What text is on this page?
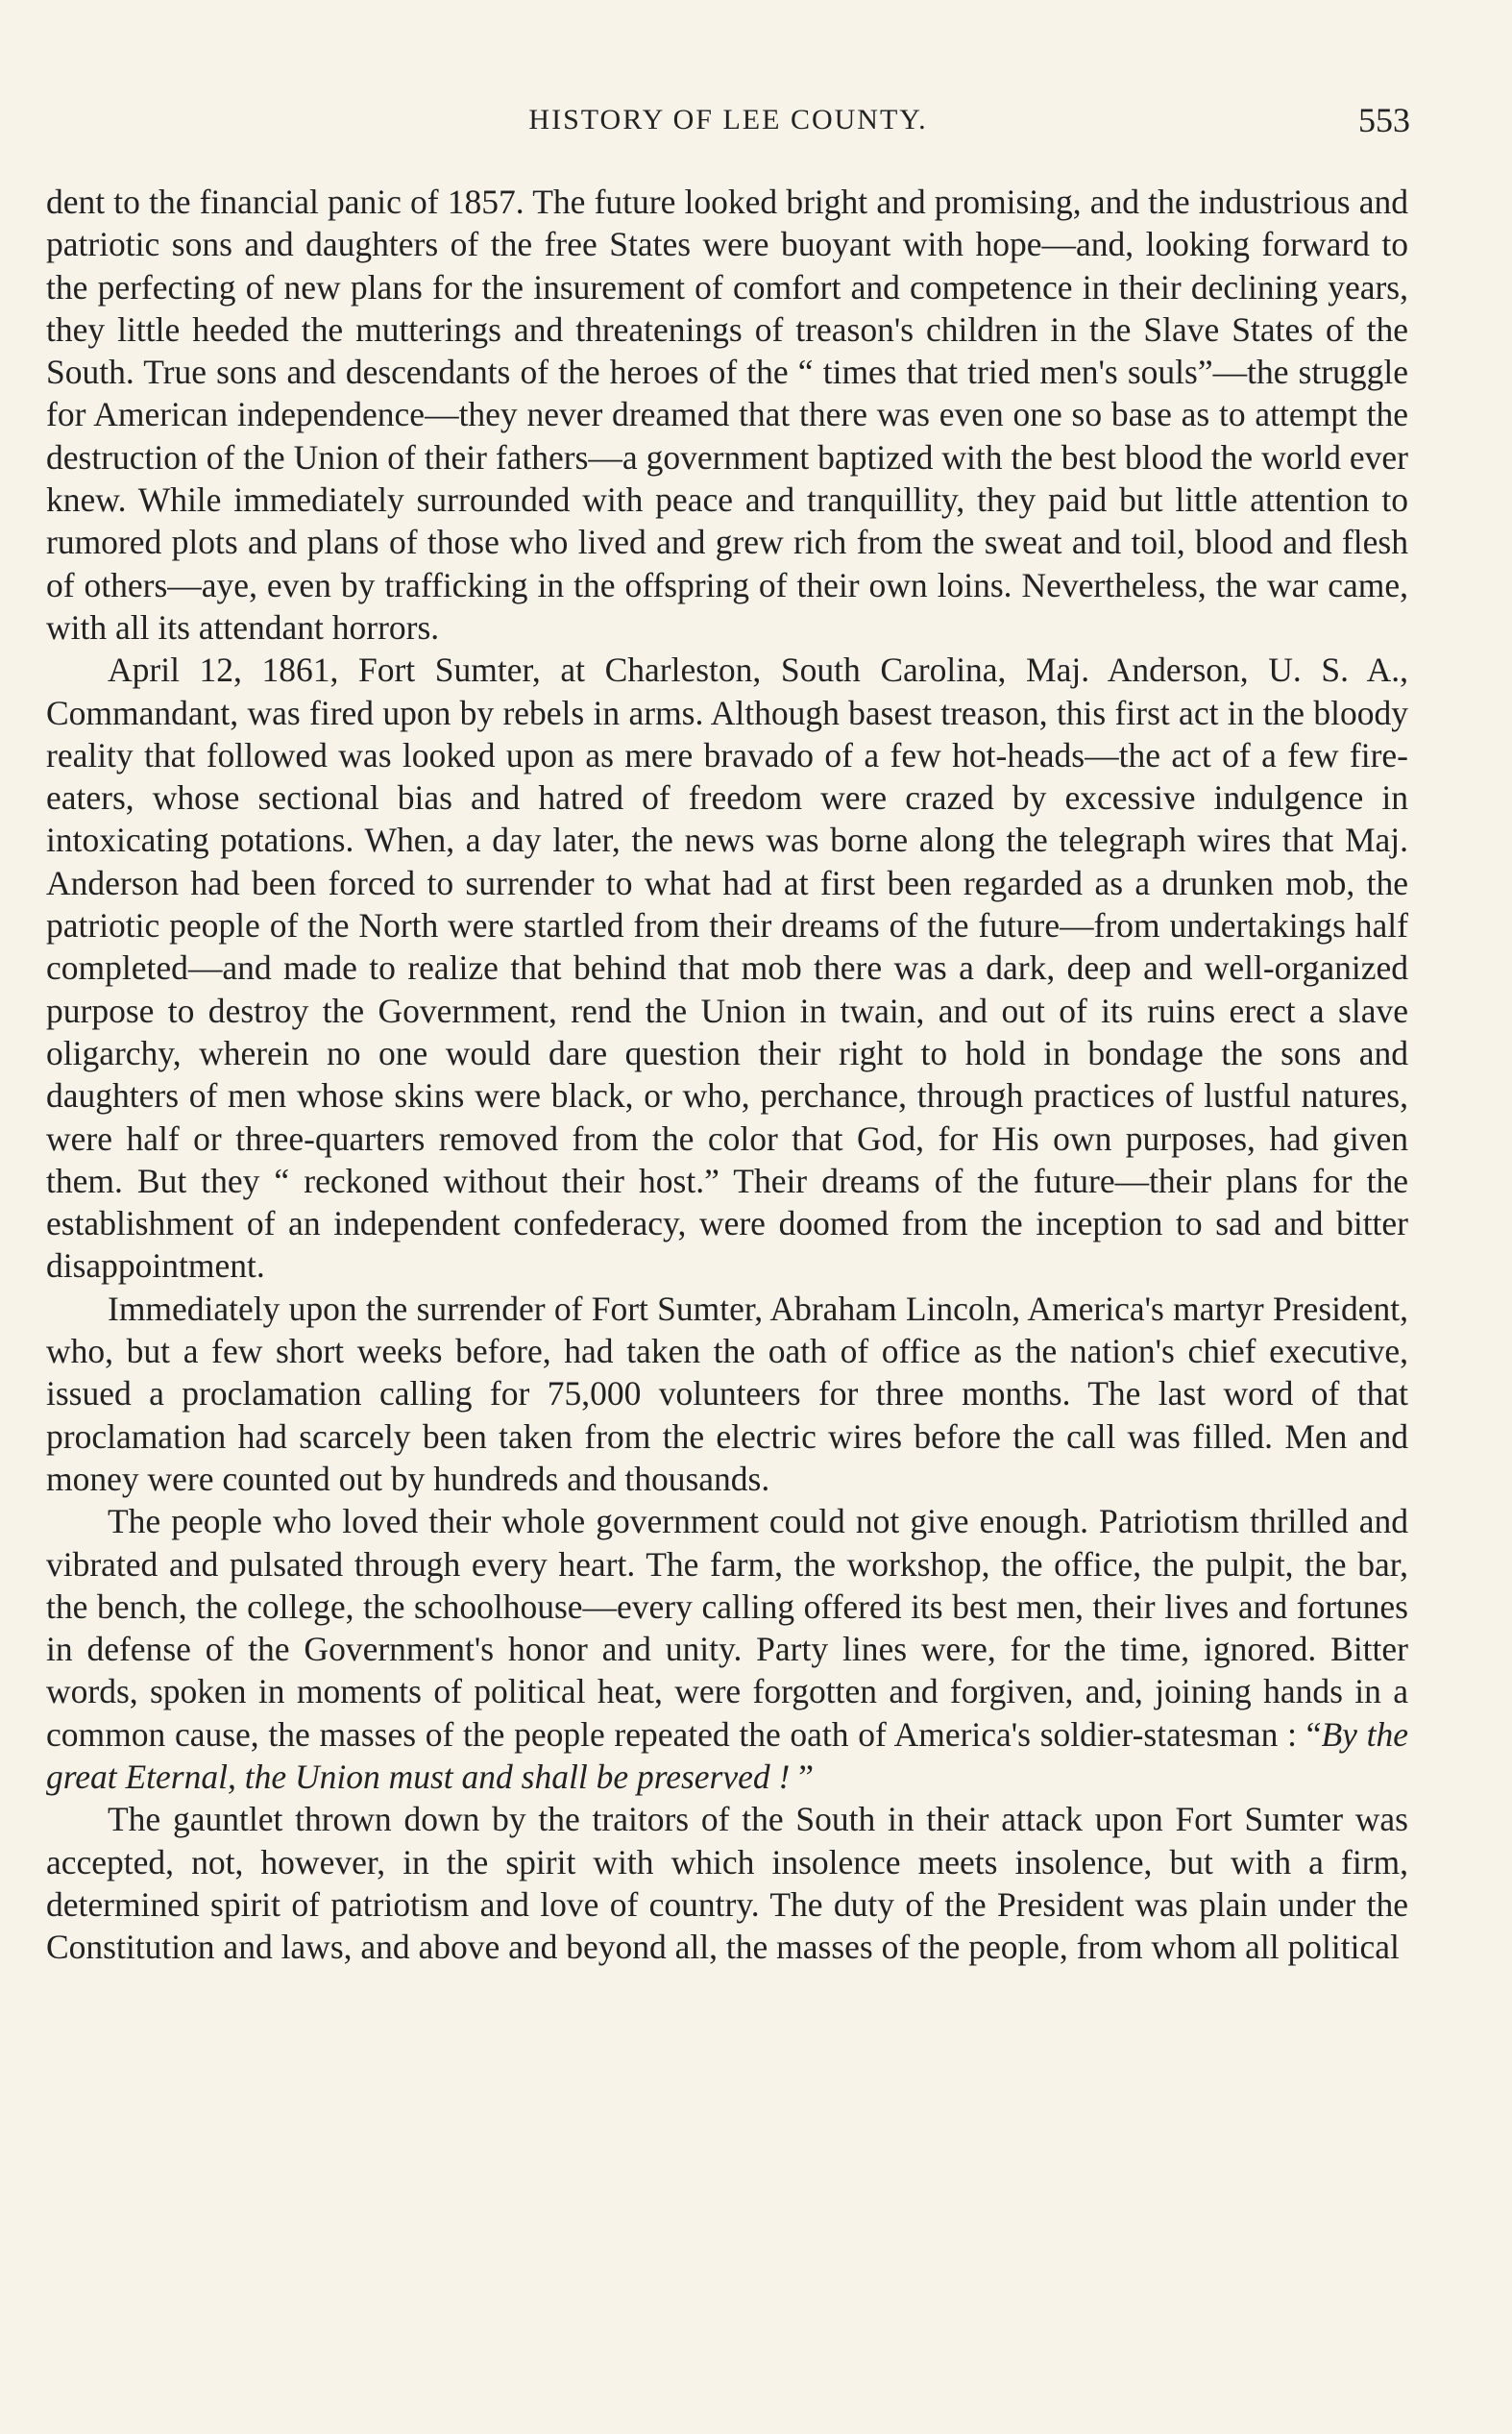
HISTORY OF LEE COUNTY.	553

dent to the financial panic of 1857. The future looked bright and promising, and the industrious and patriotic sons and daughters of the free States were buoyant with hope—and, looking forward to the perfecting of new plans for the insurement of comfort and competence in their declining years, they little heeded the mutterings and threatenings of treason's children in the Slave States of the South. True sons and descendants of the heroes of the “ times that tried men's souls”—the struggle for American independence—they never dreamed that there was even one so base as to attempt the destruction of the Union of their fathers—a government baptized with the best blood the world ever knew. While immediately surrounded with peace and tranquillity, they paid but little attention to rumored plots and plans of those who lived and grew rich from the sweat and toil, blood and flesh of others—aye, even by trafficking in the offspring of their own loins. Nevertheless, the war came, with all its attendant horrors.

April 12, 1861, Fort Sumter, at Charleston, South Carolina, Maj. Anderson, U. S. A., Commandant, was fired upon by rebels in arms. Although basest treason, this first act in the bloody reality that followed was looked upon as mere bravado of a few hot-heads—the act of a few fire-eaters, whose sectional bias and hatred of freedom were crazed by excessive indulgence in intoxicating potations. When, a day later, the news was borne along the telegraph wires that Maj. Anderson had been forced to surrender to what had at first been regarded as a drunken mob, the patriotic people of the North were startled from their dreams of the future—from undertakings half completed—and made to realize that behind that mob there was a dark, deep and well-organized purpose to destroy the Government, rend the Union in twain, and out of its ruins erect a slave oligarchy, wherein no one would dare question their right to hold in bondage the sons and daughters of men whose skins were black, or who, perchance, through practices of lustful natures, were half or three-quarters removed from the color that God, for His own purposes, had given them. But they “ reckoned without their host.” Their dreams of the future—their plans for the establishment of an independent confederacy, were doomed from the inception to sad and bitter disappointment.

Immediately upon the surrender of Fort Sumter, Abraham Lincoln, America's martyr President, who, but a few short weeks before, had taken the oath of office as the nation's chief executive, issued a proclamation calling for 75,000 volunteers for three months. The last word of that proclamation had scarcely been taken from the electric wires before the call was filled. Men and money were counted out by hundreds and thousands.

The people who loved their whole government could not give enough. Patriotism thrilled and vibrated and pulsated through every heart. The farm, the workshop, the office, the pulpit, the bar, the bench, the college, the schoolhouse—every calling offered its best men, their lives and fortunes in defense of the Government's honor and unity. Party lines were, for the time, ignored. Bitter words, spoken in moments of political heat, were forgotten and forgiven, and, joining hands in a common cause, the masses of the people repeated the oath of America's soldier-statesman : “By the great Eternal, the Union must and shall be preserved ! ”

The gauntlet thrown down by the traitors of the South in their attack upon Fort Sumter was accepted, not, however, in the spirit with which insolence meets insolence, but with a firm, determined spirit of patriotism and love of country. The duty of the President was plain under the Constitution and laws, and above and beyond all, the masses of the people, from whom all political
